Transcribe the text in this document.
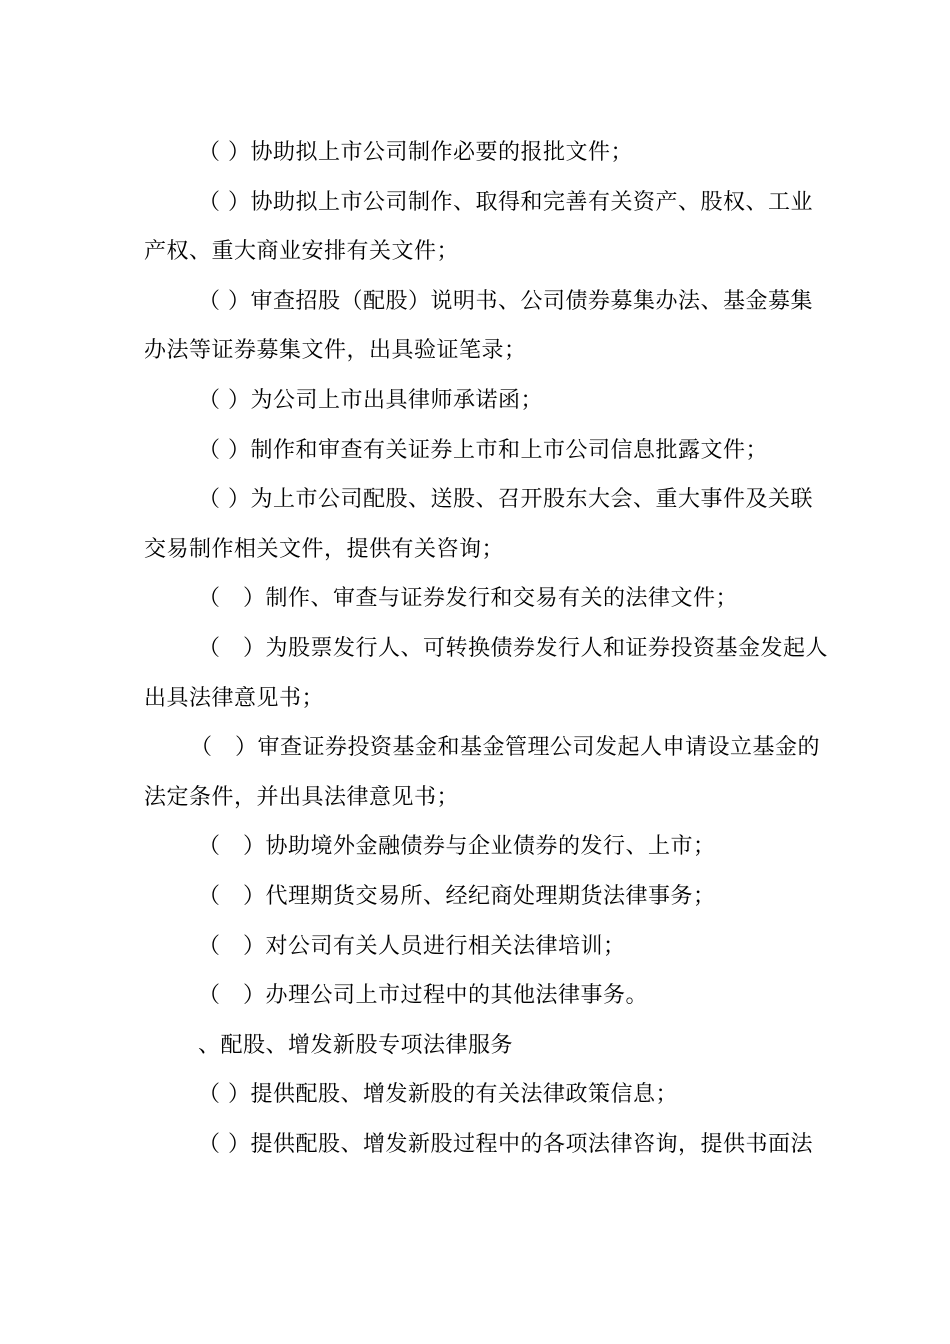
（ ）协助拟上市公司制作必要的报批文件；
（ ）协助拟上市公司制作、取得和完善有关资产、股权、工业
产权、重大商业安排有关文件；
（ ）审查招股（配股）说明书、公司债券募集办法、基金募集
办法等证券募集文件，出具验证笔录；
（ ）为公司上市出具律师承诺函；
（ ）制作和审查有关证券上市和上市公司信息批露文件；
（ ）为上市公司配股、送股、召开股东大会、重大事件及关联
交易制作相关文件，提供有关咨询；
（　）制作、审查与证券发行和交易有关的法律文件；
（　）为股票发行人、可转换债券发行人和证券投资基金发起人
出具法律意见书；
（　）审查证券投资基金和基金管理公司发起人申请设立基金的
法定条件，并出具法律意见书；
（　）协助境外金融债券与企业债券的发行、上市；
（　）代理期货交易所、经纪商处理期货法律事务；
（　）对公司有关人员进行相关法律培训；
（　）办理公司上市过程中的其他法律事务。
、配股、增发新股专项法律服务
（ ）提供配股、增发新股的有关法律政策信息；
（ ）提供配股、增发新股过程中的各项法律咨询，提供书面法
